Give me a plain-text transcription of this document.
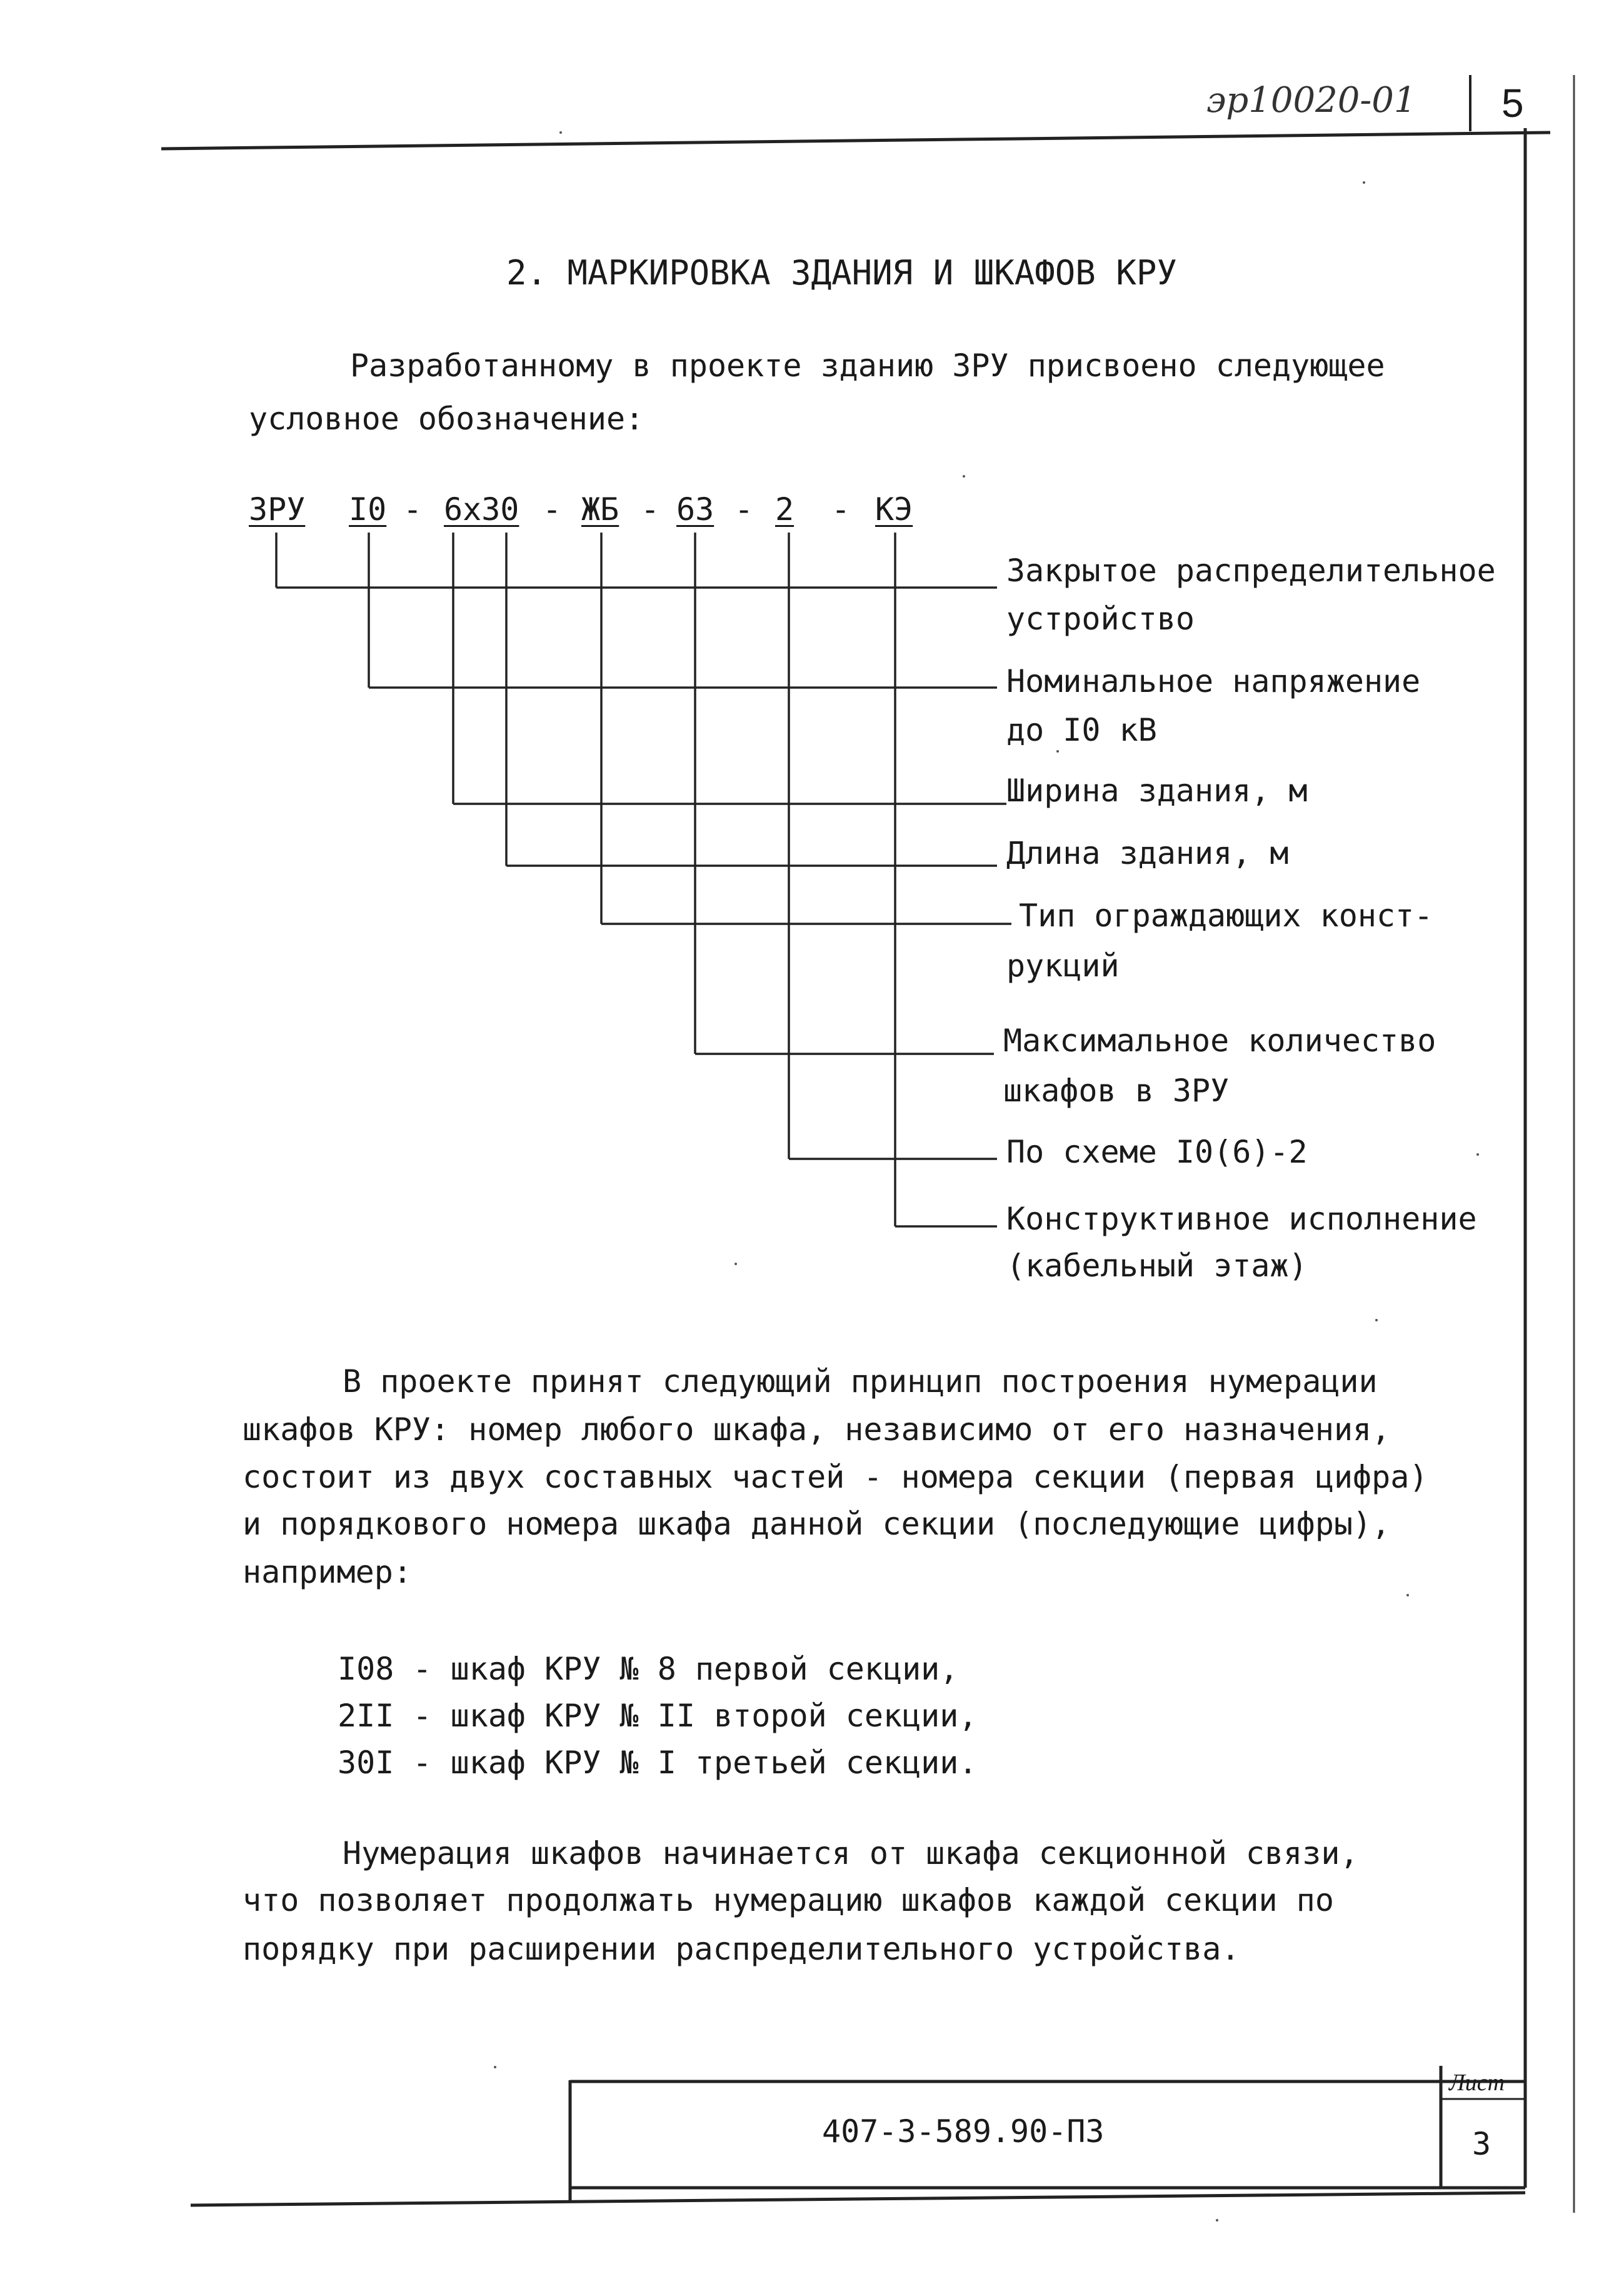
эр10020-01 5
2. МАРКИРОВКА ЗДАНИЯ И ШКАФОВ КРУ
Разработанному в проекте зданию ЗРУ присвоено следующее
условное обозначение:
ЗРУ I0 - 6х30 - ЖБ - 63 - 2 - КЭ
Закрытое распределительное
устройство
Номинальное напряжение
до I0 кВ
Ширина здания, м
Длина здания, м
Тип ограждающих конст-
рукций
Максимальное количество
шкафов в ЗРУ
По схеме I0(6)-2
Конструктивное исполнение
(кабельный этаж)
В проекте принят следующий принцип построения нумерации
шкафов КРУ: номер любого шкафа, независимо от его назначения,
состоит из двух составных частей - номера секции (первая цифра)
и порядкового номера шкафа данной секции (последующие цифры),
например:
I08 - шкаф КРУ № 8 первой секции,
2II - шкаф КРУ № II второй секции,
30I - шкаф КРУ № I третьей секции.
Нумерация шкафов начинается от шкафа секционной связи,
что позволяет продолжать нумерацию шкафов каждой секции по
порядку при расширении распределительного устройства.
407-3-589.90-ПЗ
Лист
3
